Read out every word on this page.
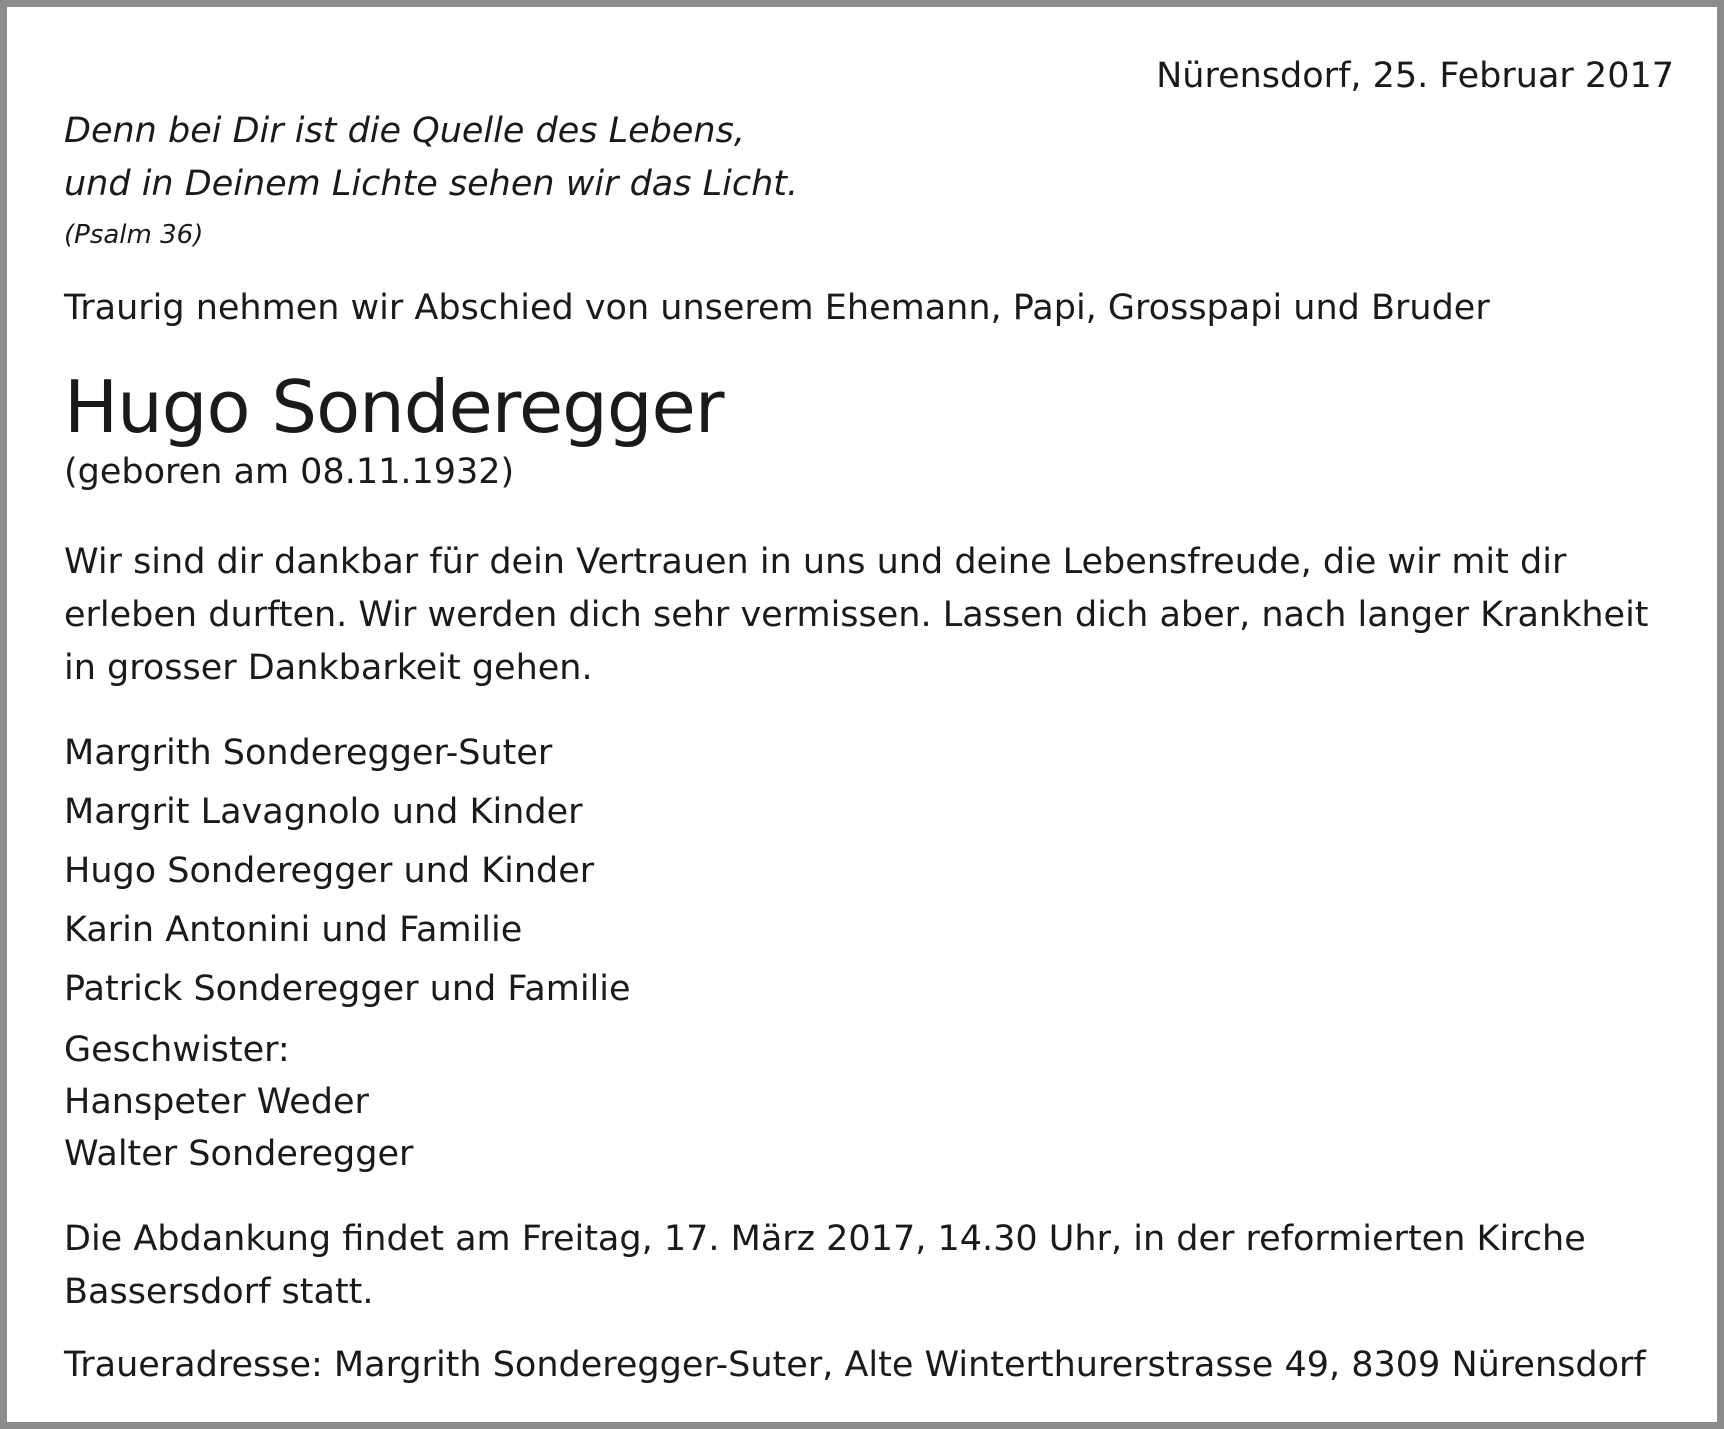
Nürensdorf, 25. Februar 2017

Denn bei Dir ist die Quelle des Lebens,
und in Deinem Lichte sehen wir das Licht.

(Psalm 36)

Traurig nehmen wir Abschied von unserem Ehemann, Papi, Grosspapi und Bruder

Hugo Sonderegger

(geboren am 08.11.1932)

Wir sind dir dankbar für dein Vertrauen in uns und deine Lebensfreude, die wir mit dir
erleben durften. Wir werden dich sehr vermissen. Lassen dich aber, nach langer Krankheit
in grosser Dankbarkeit gehen.
Margrith Sonderegger-Suter
Margrit Lavagnolo und Kinder
Hugo Sonderegger und Kinder
Karin Antonini und Familie
Patrick Sonderegger und Familie
Geschwister:
Hanspeter Weder
Walter Sonderegger
Die Abdankung findet am Freitag, 17. März 2017, 14.30 Uhr, in der reformierten Kirche
Bassersdorf statt.

Traueradresse: Margrith Sonderegger-Suter, Alte Winterthurerstrasse 49, 8309 Nürensdorf
